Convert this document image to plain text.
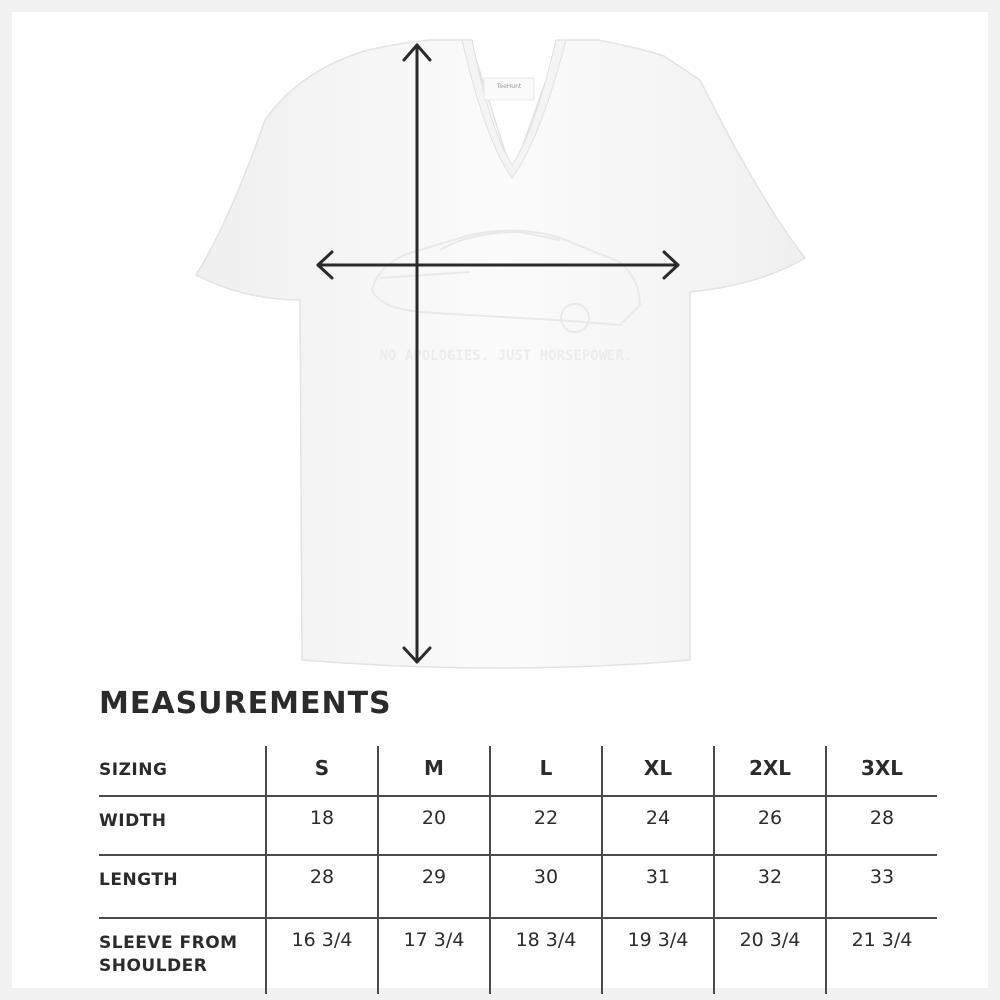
TeeHunt
NO APOLOGIES. JUST HORSEPOWER.
MEASUREMENTS
SIZING	S	M	L	XL	2XL	3XL
WIDTH	18	20	22	24	26	28
LENGTH	28	29	30	31	32	33

SLEEVE FROM
SHOULDER	16 3/4	17 3/4	18 3/4	19 3/4	20 3/4	21 3/4
